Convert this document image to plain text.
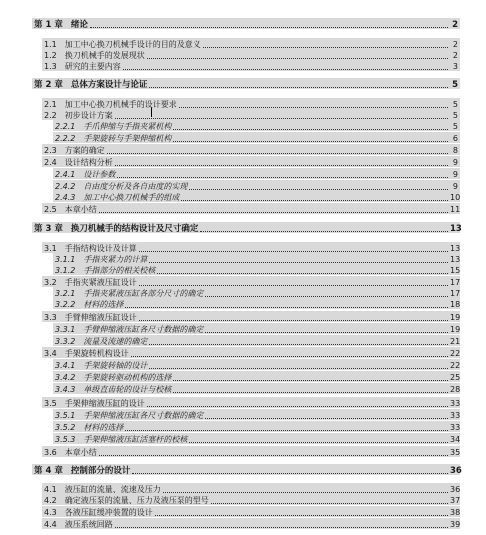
第 1 章 绪论	2
1.1 加工中心换刀机械手设计的目的及意义	2
1.2 换刀机械手的发展现状	2
1.3 研究的主要内容	3
第 2 章 总体方案设计与论证	5
2.1 加工中心换刀机械手的设计要求	5
2.2 初步设计方案	5
2.2.1 手爪伸缩与手指夹紧机构	5
2.2.2 手架旋转与手架伸缩机构	6
2.3 方案的确定	8
2.4 设计结构分析	9
2.4.1 设计参数	9
2.4.2 自由度分析及各自由度的实现	9
2.4.3 加工中心换刀机械手的组成	10
2.5 本章小结	11
第 3 章 换刀机械手的结构设计及尺寸确定	13
3.1 手指结构设计及计算	13
3.1.1 手指夹紧力的计算	13
3.1.2 手指部分的相关校核	15
3.2 手指夹紧液压缸设计	17
3.2.1 手指夹紧液压缸各部分尺寸的确定	17
3.2.2 材料的选择	18
3.3 手臂伸缩液压缸设计	19
3.3.1 手臂伸缩液压缸各尺寸数据的确定	19
3.3.2 流量及流速的确定	21
3.4 手架旋转机构设计	22
3.4.1 手架旋转轴的设计	22
3.4.2 手架旋转驱动机构的选择	25
3.4.3 单级直齿轮的设计与校核	28
3.5 手架伸缩液压缸的设计	33
3.5.1 手架伸缩液压缸各尺寸数据的确定	33
3.5.2 材料的选择	33
3.5.3 手架伸缩液压缸活塞杆的校核	34
3.6 本章小结	35
第 4 章 控制部分的设计	36
4.1 液压缸的流量、流速及压力	36
4.2 确定液压泵的流量、压力及液压泵的型号	37
4.3 各液压缸缓冲装置的设计	38
4.4 液压系统回路	39
